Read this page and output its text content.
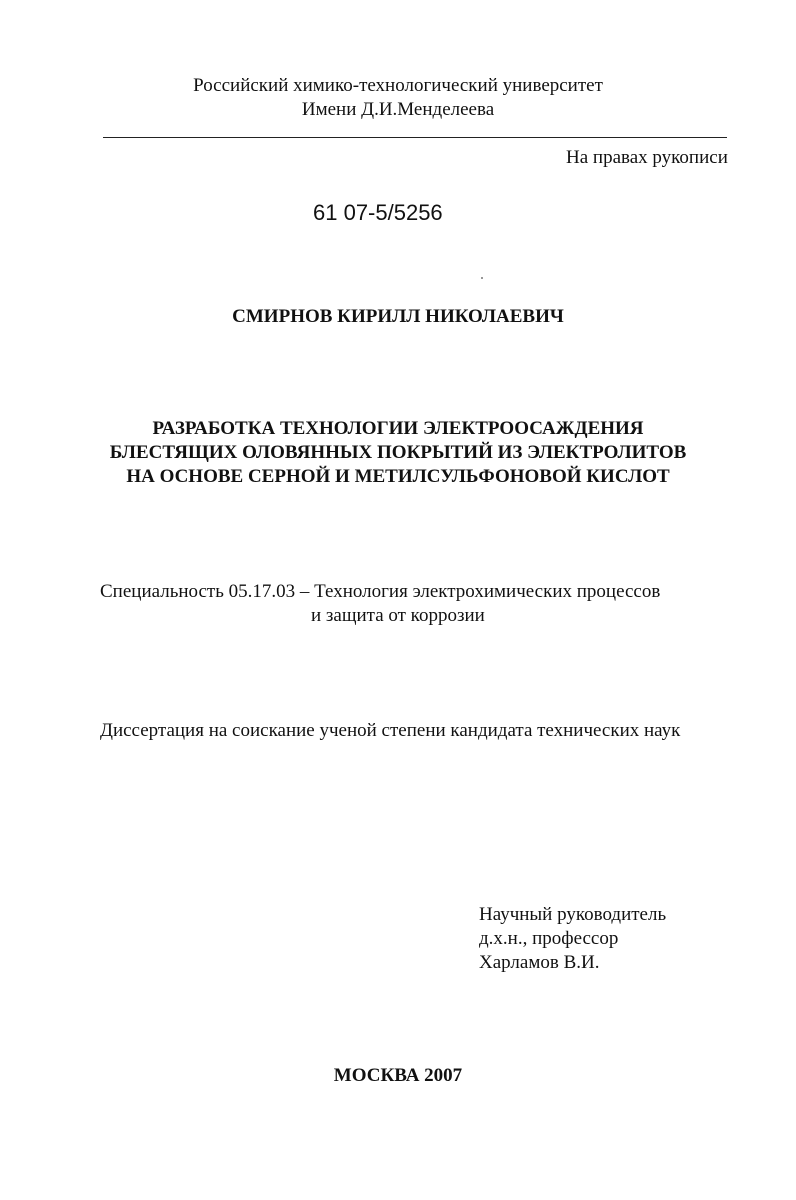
Российский химико-технологический университет
Имени Д.И.Менделеева
На правах рукописи
61 07-5/5256
СМИРНОВ КИРИЛЛ НИКОЛАЕВИЧ
РАЗРАБОТКА ТЕХНОЛОГИИ ЭЛЕКТРООСАЖДЕНИЯ
БЛЕСТЯЩИХ ОЛОВЯННЫХ ПОКРЫТИЙ ИЗ ЭЛЕКТРОЛИТОВ
НА ОСНОВЕ СЕРНОЙ И МЕТИЛСУЛЬФОНОВОЙ КИСЛОТ
Специальность 05.17.03 – Технология электрохимических процессов
и защита от коррозии
Диссертация на соискание ученой степени кандидата технических наук
Научный руководитель
д.х.н., профессор
Харламов В.И.
МОСКВА 2007
